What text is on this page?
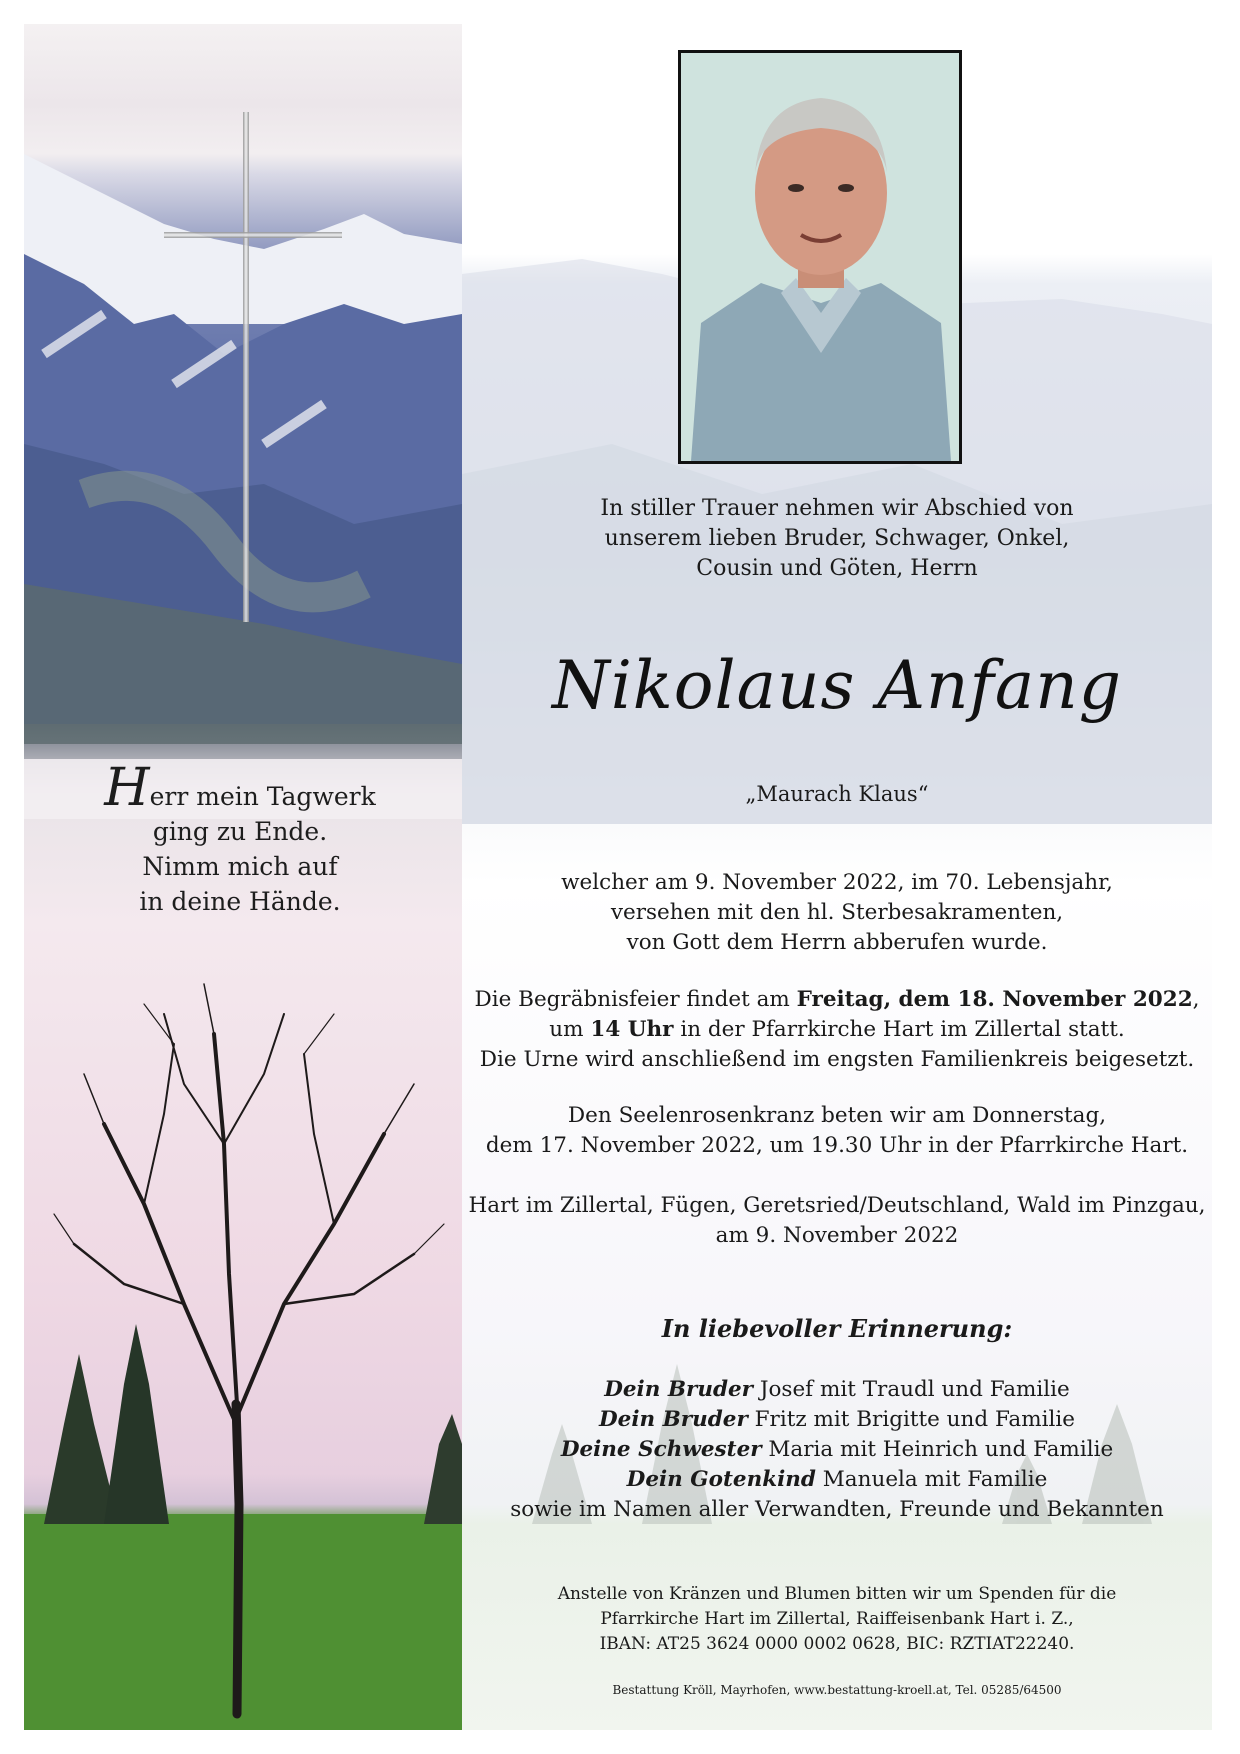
Herr mein Tagwerk
ging zu Ende.
Nimm mich auf
in deine Hände.
In stiller Trauer nehmen wir Abschied von
unserem lieben Bruder, Schwager, Onkel,
Cousin und Göten, Herrn
Nikolaus Anfang
„Maurach Klaus“
welcher am 9. November 2022, im 70. Lebensjahr,
versehen mit den hl. Sterbesakramenten,
von Gott dem Herrn abberufen wurde.
Die Begräbnisfeier findet am Freitag, dem 18. November 2022,
um 14 Uhr in der Pfarrkirche Hart im Zillertal statt.
Die Urne wird anschließend im engsten Familienkreis beigesetzt.
Den Seelenrosenkranz beten wir am Donnerstag,
dem 17. November 2022, um 19.30 Uhr in der Pfarrkirche Hart.
Hart im Zillertal, Fügen, Geretsried/Deutschland, Wald im Pinzgau,
am 9. November 2022
In liebevoller Erinnerung:
Dein Bruder Josef mit Traudl und Familie
Dein Bruder Fritz mit Brigitte und Familie
Deine Schwester Maria mit Heinrich und Familie
Dein Gotenkind Manuela mit Familie
sowie im Namen aller Verwandten, Freunde und Bekannten
Anstelle von Kränzen und Blumen bitten wir um Spenden für die
Pfarrkirche Hart im Zillertal, Raiffeisenbank Hart i. Z.,
IBAN: AT25 3624 0000 0002 0628, BIC: RZTIAT22240.
Bestattung Kröll, Mayrhofen, www.bestattung-kroell.at, Tel. 05285/64500
